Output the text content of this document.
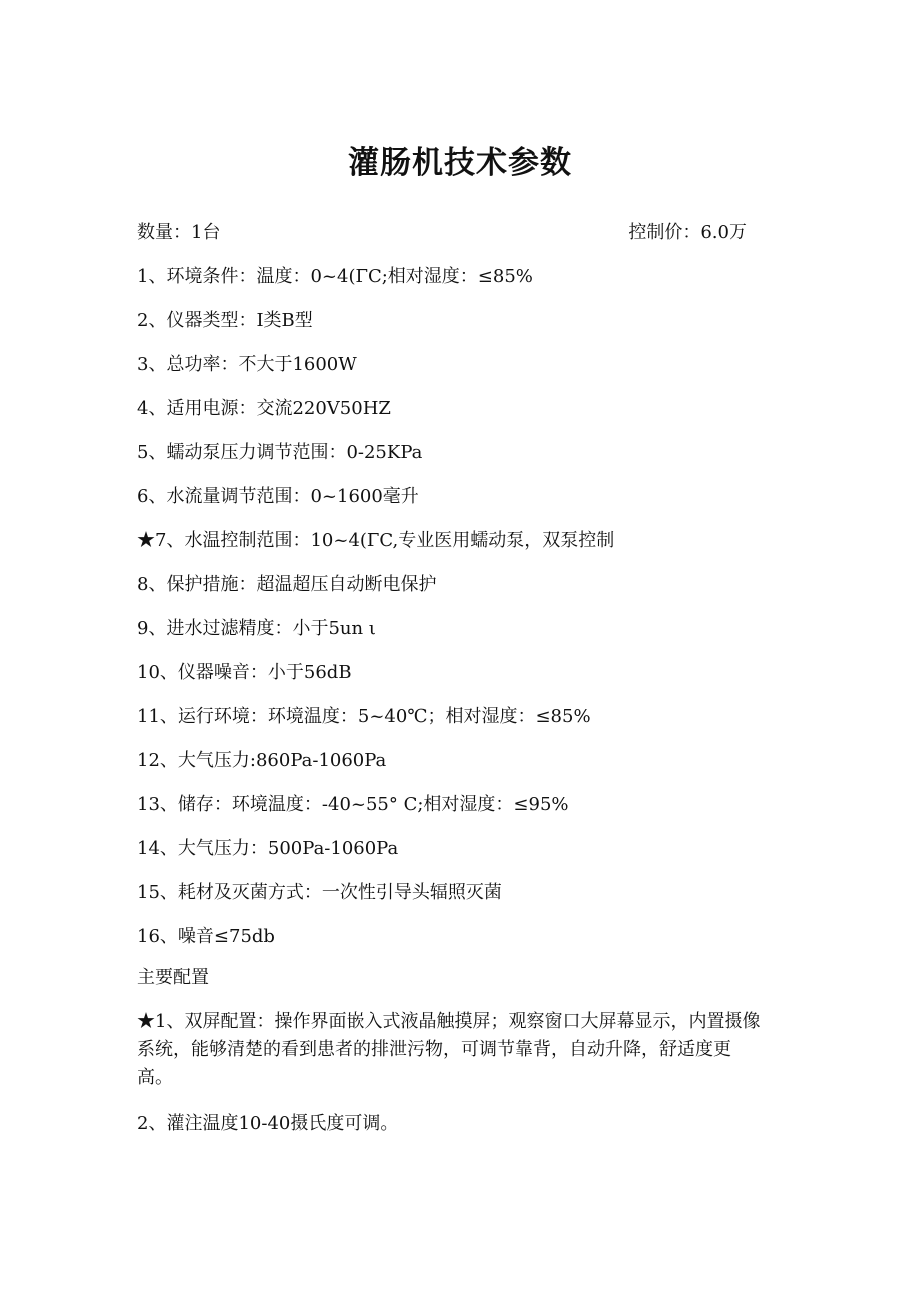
灌肠机技术参数
数量：1台	控制价：6.0万
1、环境条件：温度：0~4(ΓC;相对湿度：≤85%
2、仪器类型：I类B型
3、总功率：不大于1600W
4、适用电源：交流220V50HZ
5、蠕动泵压力调节范围：0-25KPa
6、水流量调节范围：0~1600毫升
★7、水温控制范围：10~4(ΓC,专业医用蠕动泵，双泵控制
8、保护措施：超温超压自动断电保护
9、进水过滤精度：小于5un ι
10、仪器噪音：小于56dB
11、运行环境：环境温度：5~40℃；相对湿度：≤85%
12、大气压力:860Pa-1060Pa
13、储存：环境温度：-40~55° C;相对湿度：≤95%
14、大气压力：500Pa-1060Pa
15、耗材及灭菌方式：一次性引导头辐照灭菌
16、噪音≤75db
主要配置
★1、双屏配置：操作界面嵌入式液晶触摸屏；观察窗口大屏幕显示，内置摄像系统，能够清楚的看到患者的排泄污物，可调节靠背，自动升降，舒适度更高。
2、灌注温度10-40摄氏度可调。
